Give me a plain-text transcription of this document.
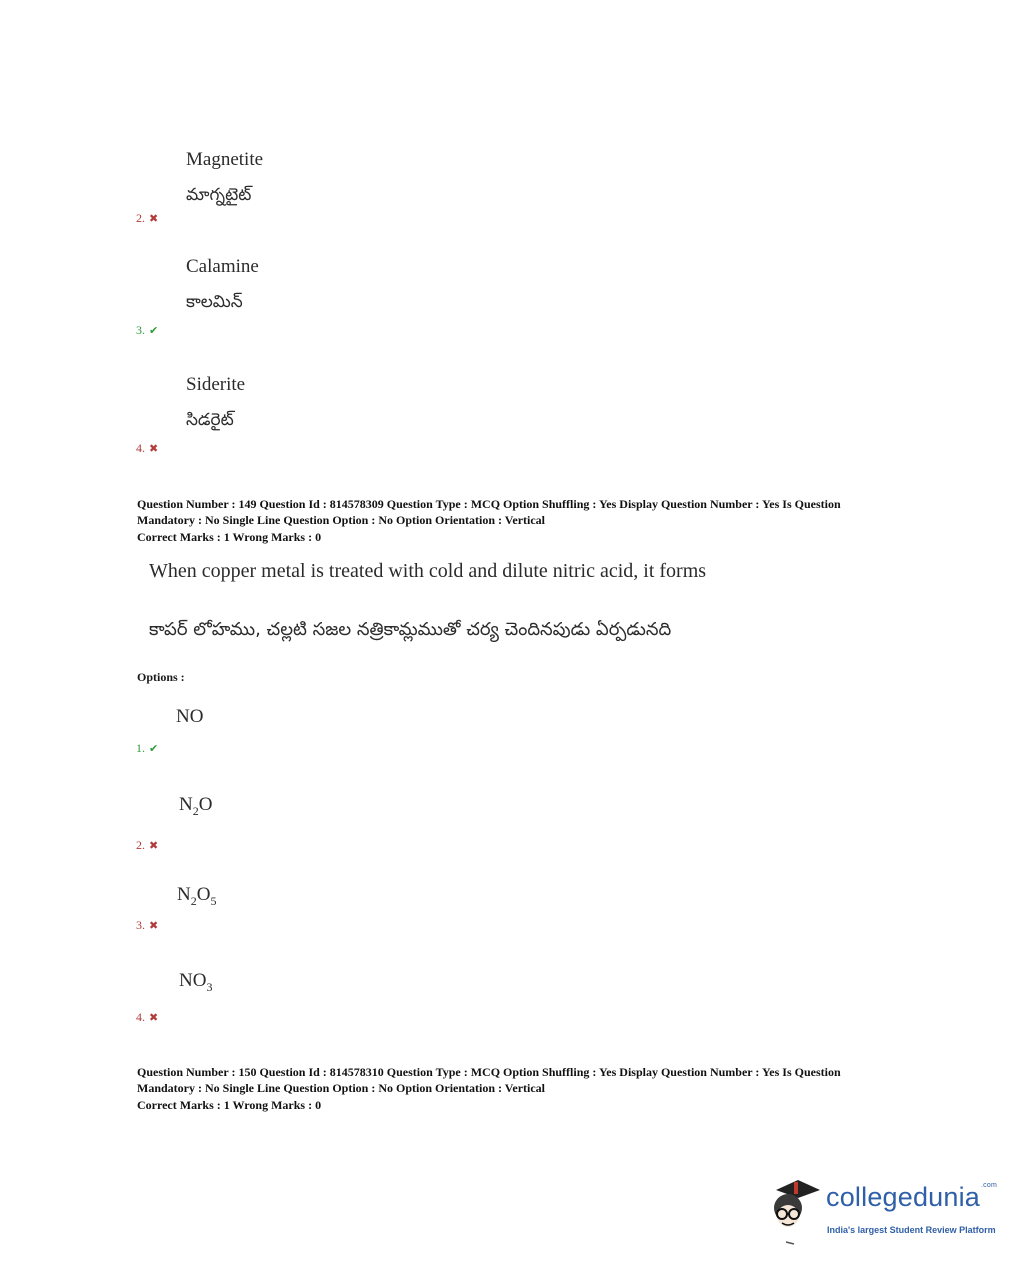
Magnetite
మాగ్నటైట్
2. ✖
Calamine
కాలమిన్
3. ✔
Siderite
సిడరైట్
4. ✖
Question Number : 149 Question Id : 814578309 Question Type : MCQ Option Shuffling : Yes Display Question Number : Yes Is Question
Mandatory : No Single Line Question Option : No Option Orientation : Vertical
Correct Marks : 1 Wrong Marks : 0
When copper metal is treated with cold and dilute nitric acid, it forms
కాపర్ లోహము, చల్లటి సజల నత్రికామ్లముతో చర్య చెందినపుడు ఏర్పడునది
Options :
NO
1. ✔
$N_2O$
2. ✖
$N_2O_5$
3. ✖
$NO_3$
4. ✖
Question Number : 150 Question Id : 814578310 Question Type : MCQ Option Shuffling : Yes Display Question Number : Yes Is Question
Mandatory : No Single Line Question Option : No Option Orientation : Vertical
Correct Marks : 1 Wrong Marks : 0
collegedunia$^{.com}$
India's largest Student Review Platform
